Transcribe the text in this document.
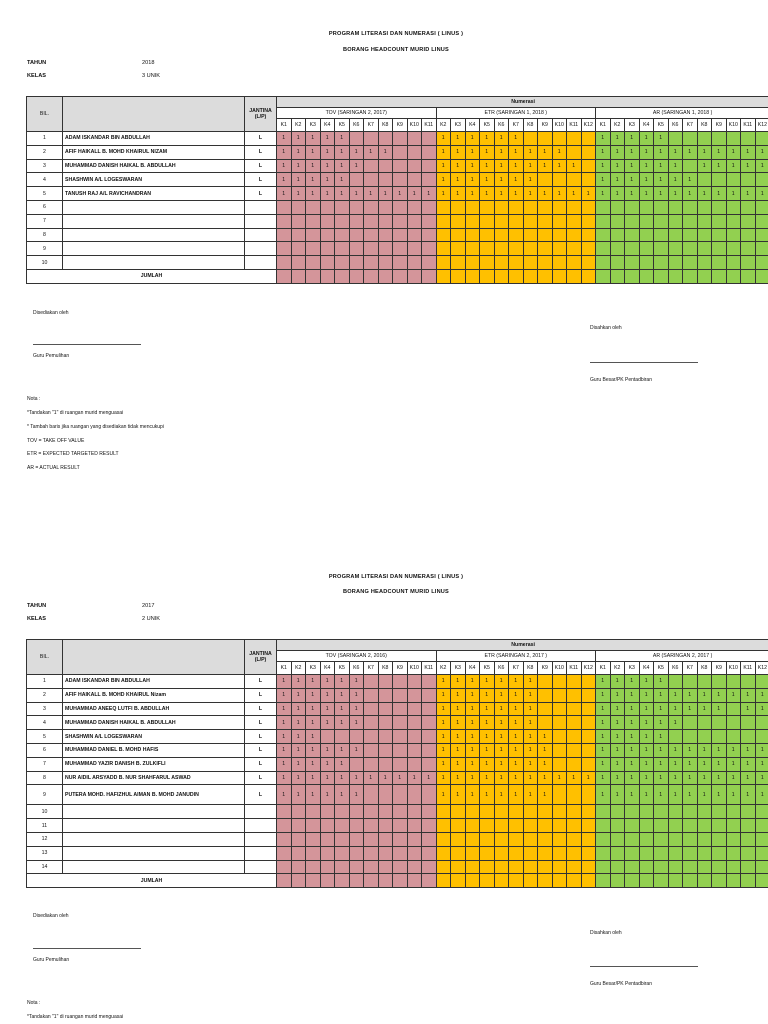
PROGRAM LITERASI DAN NUMERASI ( LINUS )
BORANG HEADCOUNT MURID LINUS
TAHUN	2018
KELAS	3 UNIK
BIL.		JANTINA (L/P)	Numerasi																																	
			TOV (SARINGAN 2, 2017)											ETR (SARINGAN 1, 2018 )											AR (SARINGAN 1, 2018 )											
			K1	K2	K3	K4	K5	K6	K7	K8	K9	K10	K11	K2	K3	K4	K5	K6	K7	K8	K9	K10	K11	K12	K1	K2	K3	K4	K5	K6	K7	K8	K9	K10	K11	K12
1	ADAM ISKANDAR BIN ABDULLAH	L	1	1	1	1	1							1	1	1	1	1	1						1	1	1	1	1							
2	AFIF HAIKALL B. MOHD KHAIRUL NIZAM	L	1	1	1	1	1	1	1	1				1	1	1	1	1	1	1	1	1			1	1	1	1	1	1	1	1	1	1	1	1
3	MUHAMMAD DANISH HAIKAL B. ABDULLAH	L	1	1	1	1	1	1						1	1	1	1	1	1	1	1	1	1		1	1	1	1	1	1		1	1	1	1	1
4	SHASHWIN A/L LOGESWARAN	L	1	1	1	1	1							1	1	1	1	1	1	1					1	1	1	1	1	1	1					
5	TANUSH RAJ A/L RAVICHANDRAN	L	1	1	1	1	1	1	1	1	1	1	1	1	1	1	1	1	1	1	1	1	1	1	1	1	1	1	1	1	1	1	1	1	1	1
6																																				
7																																				
8																																				
9																																				
10																																				
JUMLAH																																				
Disediakan oleh
Guru Pemulihan
Disahkan oleh
Guru Besar/PK Pentadbiran
Nota :
*Tandakan "1" di ruangan murid menguasai
* Tambah baris jika ruangan yang disediakan tidak mencukupi
TOV = TAKE OFF VALUE
ETR = EXPECTED TARGETED RESULT
AR = ACTUAL RESULT
PROGRAM LITERASI DAN NUMERASI ( LINUS )
BORANG HEADCOUNT MURID LINUS
TAHUN	2017
KELAS	2 UNIK
BIL.		JANTINA (L/P)	Numerasi																																	
			TOV (SARINGAN 2, 2016)											ETR (SARINGAN 2, 2017 )											AR (SARINGAN 2, 2017 )											
			K1	K2	K3	K4	K5	K6	K7	K8	K9	K10	K11	K2	K3	K4	K5	K6	K7	K8	K9	K10	K11	K12	K1	K2	K3	K4	K5	K6	K7	K8	K9	K10	K11	K12
1	ADAM ISKANDAR BIN ABDULLAH	L	1	1	1	1	1	1						1	1	1	1	1	1	1					1	1	1	1	1							
2	AFIF HAIKALL B. MOHD KHAIRUL Nizam	L	1	1	1	1	1	1						1	1	1	1	1	1	1					1	1	1	1	1	1	1	1	1	1	1	1
3	MUHAMMAD ANEEQ LUTFI B. ABDULLAH	L	1	1	1	1	1	1						1	1	1	1	1	1	1					1	1	1	1	1	1	1	1	1		1	1
4	MUHAMMAD DANISH HAIKAL B. ABDULLAH	L	1	1	1	1	1	1						1	1	1	1	1	1	1					1	1	1	1	1	1						
5	SHASHWIN A/L LOGESWARAN	L	1	1	1									1	1	1	1	1	1	1	1				1	1	1	1	1							
6	MUHAMMAD DANIEL B. MOHD HAFIS	L	1	1	1	1	1	1						1	1	1	1	1	1	1	1				1	1	1	1	1	1	1	1	1	1	1	1
7	MUHAMMAD YAZIR DANISH B. ZULKIFLI	L	1	1	1	1	1							1	1	1	1	1	1	1	1				1	1	1	1	1	1	1	1	1	1	1	1
8	NUR AIDIL ARSYADD B. NUR SHAHFARUL ASWAD	L	1	1	1	1	1	1	1	1	1	1	1	1	1	1	1	1	1	1	1	1	1	1	1	1	1	1	1	1	1	1	1	1	1	1
9	PUTERA MOHD. HAFIZHUL AIMAN B. MOHD JANUDIN	L	1	1	1	1	1	1						1	1	1	1	1	1	1	1				1	1	1	1	1	1	1	1	1	1	1	1
10																																				
11																																				
12																																				
13																																				
14																																				
JUMLAH																																				
Disediakan oleh
Guru Pemulihan
Disahkan oleh
Guru Besar/PK Pentadbiran
Nota :
*Tandakan "1" di ruangan murid menguasai
